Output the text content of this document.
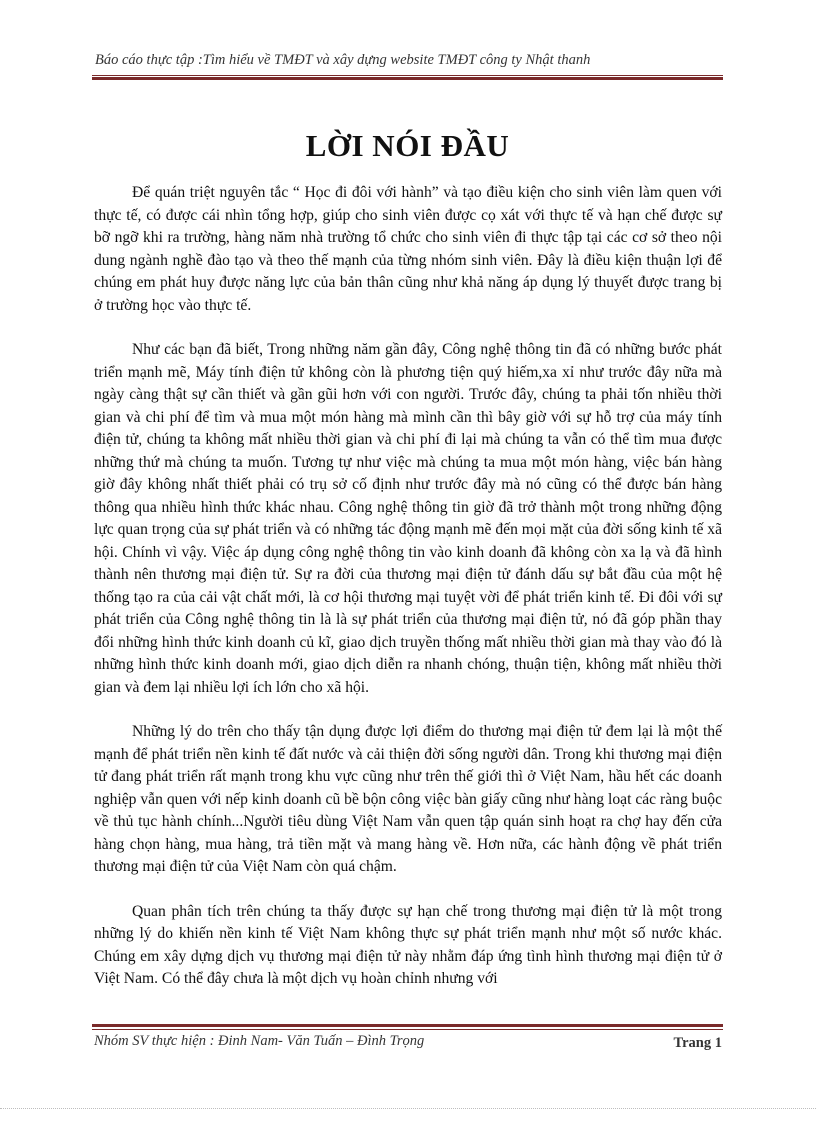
Báo cáo thực tập :Tìm hiểu về TMĐT và xây dựng website TMĐT công ty Nhật thanh
LỜI NÓI ĐẦU

Để quán triệt nguyên tắc “ Học đi đôi với hành” và tạo điều kiện cho sinh viên làm quen với thực tế, có được cái nhìn tổng hợp, giúp cho sinh viên được cọ xát với thực tế và hạn chế được sự bỡ ngỡ khi ra trường, hàng năm nhà trường tổ chức cho sinh viên đi thực tập tại các cơ sở theo nội dung ngành nghề đào tạo và theo thế mạnh của từng nhóm sinh viên. Đây là điều kiện thuận lợi để chúng em phát huy được năng lực của bản thân cũng như khả năng áp dụng lý thuyết được trang bị ở trường học vào thực tế.

Như các bạn đã biết, Trong những năm gần đây, Công nghệ thông tin đã có những bước phát triển mạnh mẽ, Máy tính điện tử không còn là phương tiện quý hiếm,xa xỉ như trước đây nữa mà ngày càng thật sự cần thiết và gần gũi hơn với con người. Trước đây, chúng ta phải tốn nhiều thời gian và chi phí để tìm và mua một món hàng mà mình cần thì bây giờ với sự hỗ trợ của máy tính điện tử, chúng ta không mất nhiều thời gian và chi phí đi lại mà chúng ta vẫn có thể tìm mua được những thứ mà chúng ta muốn. Tương tự như việc mà chúng ta mua một món hàng, việc bán hàng giờ đây không nhất thiết phải có trụ sở cố định như trước đây mà nó cũng có thể được bán hàng thông qua nhiều hình thức khác nhau. Công nghệ thông tin giờ đã trở thành một trong những động lực quan trọng của sự phát triển và có những tác động mạnh mẽ đến mọi mặt của đời sống kinh tế xã hội. Chính vì vậy. Việc áp dụng công nghệ thông tin vào kinh doanh đã không còn xa lạ và đã hình thành nên thương mại điện tử. Sự ra đời của thương mại điện tử đánh dấu sự bắt đầu của một hệ thống tạo ra của cải vật chất mới, là cơ hội thương mại tuyệt vời để phát triển kinh tế. Đi đôi với sự phát triển của Công nghệ thông tin là là sự phát triển của thương mại điện tử, nó đã góp phần thay đổi những hình thức kinh doanh củ kĩ, giao dịch truyền thống mất nhiều thời gian mà thay vào đó là những hình thức kinh doanh mới, giao dịch diễn ra nhanh chóng, thuận tiện, không mất nhiều thời gian và đem lại nhiều lợi ích lớn cho xã hội.

Những lý do trên cho thấy tận dụng được lợi điểm do thương mại điện tử đem lại là một thế mạnh để phát triển nền kinh tế đất nước và cải thiện đời sống người dân. Trong khi thương mại điện tử đang phát triển rất mạnh trong khu vực cũng như trên thế giới thì ở Việt Nam, hầu hết các doanh nghiệp vẫn quen với nếp kinh doanh cũ bề bộn công việc bàn giấy cũng như hàng loạt các ràng buộc về thủ tục hành chính...Người tiêu dùng Việt Nam vẫn quen tập quán sinh hoạt ra chợ hay đến cửa hàng chọn hàng, mua hàng, trả tiền mặt và mang hàng về. Hơn nữa, các hành động về phát triển thương mại điện tử của Việt Nam còn quá chậm.

Quan phân tích trên chúng ta thấy được sự hạn chế trong thương mại điện tử là một trong những lý do khiến nền kinh tế Việt Nam không thực sự phát triển mạnh như một số nước khác. Chúng em xây dựng dịch vụ thương mại điện tử này nhằm đáp ứng tình hình thương mại điện tử ở Việt Nam. Có thể đây chưa là một dịch vụ hoàn chỉnh nhưng với

Nhóm SV thực hiện : Đinh Nam- Văn Tuấn – Đình Trọng	Trang 1
